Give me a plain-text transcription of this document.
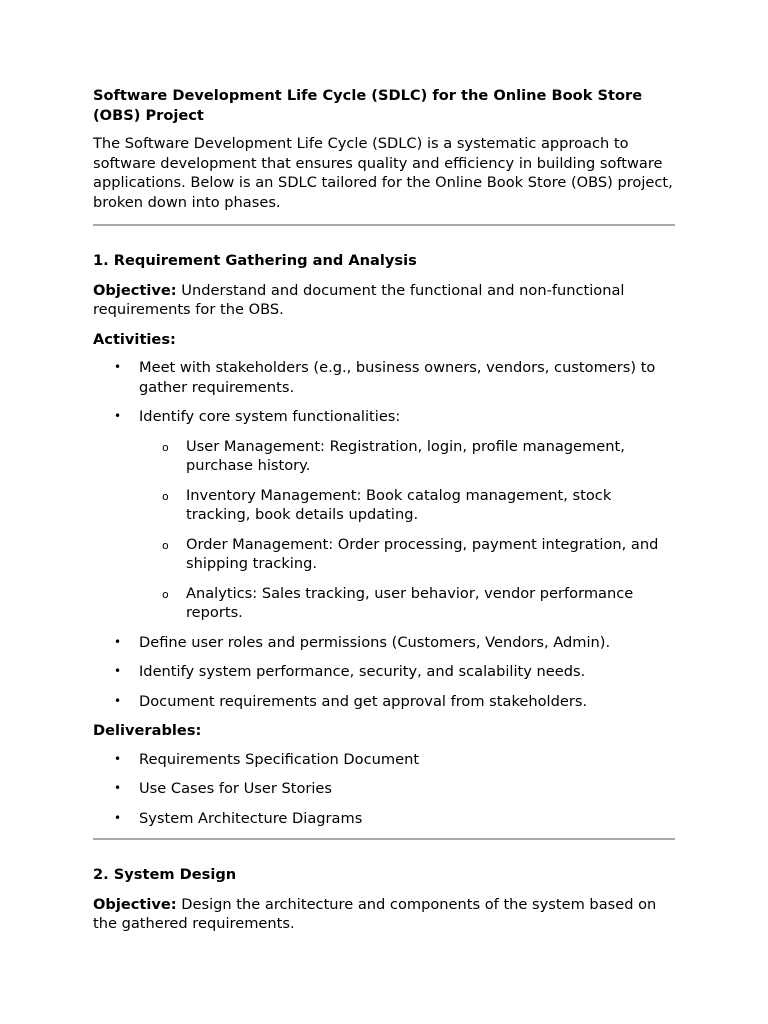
Software Development Life Cycle (SDLC) for the Online Book Store (OBS) Project

The Software Development Life Cycle (SDLC) is a systematic approach to software development that ensures quality and efficiency in building software applications. Below is an SDLC tailored for the Online Book Store (OBS) project, broken down into phases.

1. Requirement Gathering and Analysis

Objective: Understand and document the functional and non-functional requirements for the OBS.

Activities:

• Meet with stakeholders (e.g., business owners, vendors, customers) to gather requirements.
• Identify core system functionalities:
o User Management: Registration, login, profile management, purchase history.
o Inventory Management: Book catalog management, stock tracking, book details updating.
o Order Management: Order processing, payment integration, and shipping tracking.
o Analytics: Sales tracking, user behavior, vendor performance reports.
• Define user roles and permissions (Customers, Vendors, Admin).
• Identify system performance, security, and scalability needs.
• Document requirements and get approval from stakeholders.

Deliverables:

• Requirements Specification Document
• Use Cases for User Stories
• System Architecture Diagrams
2. System Design

Objective: Design the architecture and components of the system based on the gathered requirements.
